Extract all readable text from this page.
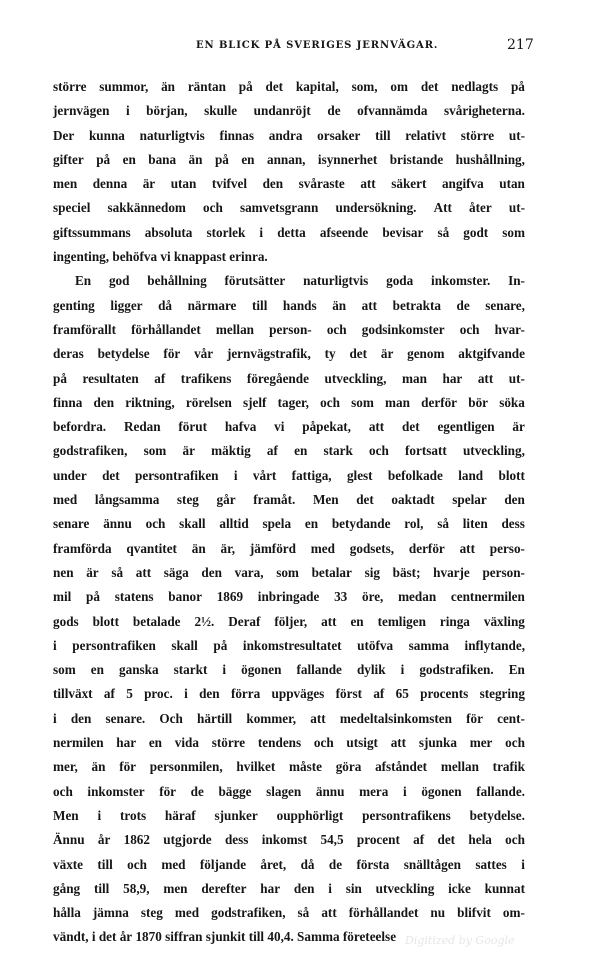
EN BLICK PÅ SVERIGES JERNVÄGAR.	217
större summor, än räntan på det kapital, som, om det nedlagts på
jernvägen i början, skulle undanröjt de ofvannämda svårigheterna.
Der kunna naturligtvis finnas andra orsaker till relativt större ut-
gifter på en bana än på en annan, isynnerhet bristande hushållning,
men denna är utan tvifvel den svåraste att säkert angifva utan
speciel sakkännedom och samvetsgrann undersökning. Att åter ut-
giftssummans absoluta storlek i detta afseende bevisar så godt som
ingenting, behöfva vi knappast erinra.
En god behållning förutsätter naturligtvis goda inkomster. In-
genting ligger då närmare till hands än att betrakta de senare,
framförallt förhållandet mellan person- och godsinkomster och hvar-
deras betydelse för vår jernvägstrafik, ty det är genom aktgifvande
på resultaten af trafikens föregående utveckling, man har att ut-
finna den riktning, rörelsen sjelf tager, och som man derför bör söka
befordra. Redan förut hafva vi påpekat, att det egentligen är
godstrafiken, som är mäktig af en stark och fortsatt utveckling,
under det persontrafiken i vårt fattiga, glest befolkade land blott
med långsamma steg går framåt. Men det oaktadt spelar den
senare ännu och skall alltid spela en betydande rol, så liten dess
framförda qvantitet än är, jämförd med godsets, derför att perso-
nen är så att säga den vara, som betalar sig bäst; hvarje person-
mil på statens banor 1869 inbringade 33 öre, medan centnermilen
gods blott betalade 2½. Deraf följer, att en temligen ringa växling
i persontrafiken skall på inkomstresultatet utöfva samma inflytande,
som en ganska starkt i ögonen fallande dylik i godstrafiken. En
tillväxt af 5 proc. i den förra uppväges först af 65 procents stegring
i den senare. Och härtill kommer, att medeltalsinkomsten för cent-
nermilen har en vida större tendens och utsigt att sjunka mer och
mer, än för personmilen, hvilket måste göra afståndet mellan trafik
och inkomster för de bägge slagen ännu mera i ögonen fallande.
Men i trots häraf sjunker oupphörligt persontrafikens betydelse.
Ännu år 1862 utgjorde dess inkomst 54,5 procent af det hela och
växte till och med följande året, då de första snälltågen sattes i
gång till 58,9, men derefter har den i sin utveckling icke kunnat
hålla jämna steg med godstrafiken, så att förhållandet nu blifvit om-
vändt, i det år 1870 siffran sjunkit till 40,4. Samma företeelse Digitized by Google
